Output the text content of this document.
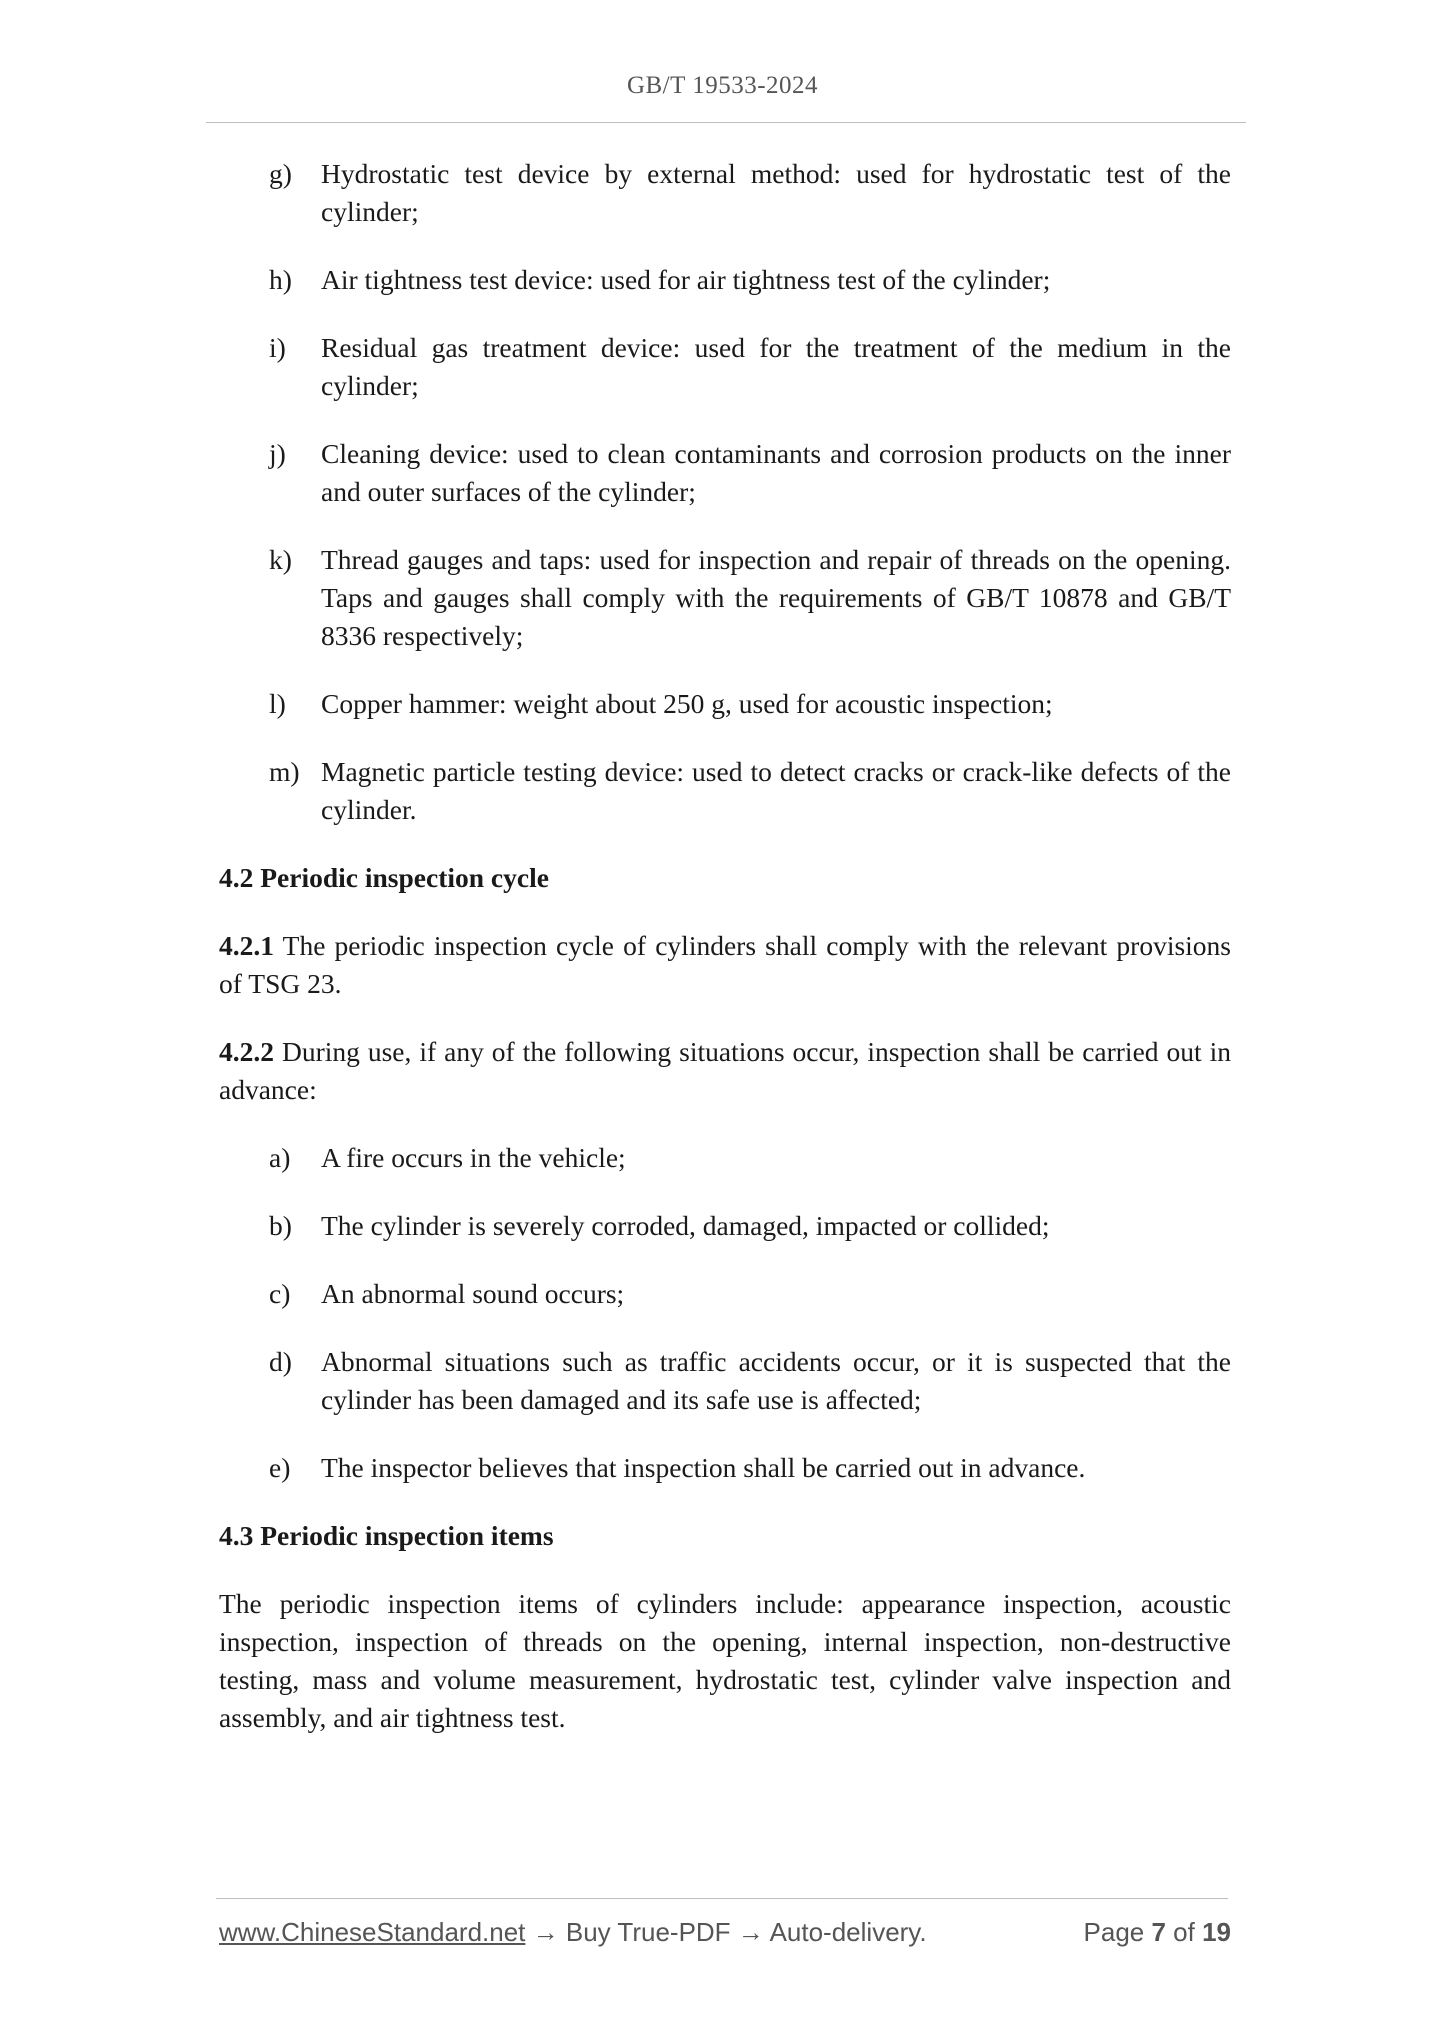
GB/T 19533-2024
g)	Hydrostatic test device by external method: used for hydrostatic test of the cylinder;
h)	Air tightness test device: used for air tightness test of the cylinder;
i)	Residual gas treatment device: used for the treatment of the medium in the cylinder;
j)	Cleaning device: used to clean contaminants and corrosion products on the inner and outer surfaces of the cylinder;
k)	Thread gauges and taps: used for inspection and repair of threads on the opening. Taps and gauges shall comply with the requirements of GB/T 10878 and GB/T 8336 respectively;
l)	Copper hammer: weight about 250 g, used for acoustic inspection;
m) Magnetic particle testing device: used to detect cracks or crack-like defects of the cylinder.
4.2 Periodic inspection cycle
4.2.1 The periodic inspection cycle of cylinders shall comply with the relevant provisions of TSG 23.
4.2.2 During use, if any of the following situations occur, inspection shall be carried out in advance:
a)	A fire occurs in the vehicle;
b)	The cylinder is severely corroded, damaged, impacted or collided;
c)	An abnormal sound occurs;
d)	Abnormal situations such as traffic accidents occur, or it is suspected that the cylinder has been damaged and its safe use is affected;
e)	The inspector believes that inspection shall be carried out in advance.
4.3 Periodic inspection items
The periodic inspection items of cylinders include: appearance inspection, acoustic inspection, inspection of threads on the opening, internal inspection, non-destructive testing, mass and volume measurement, hydrostatic test, cylinder valve inspection and assembly, and air tightness test.
www.ChineseStandard.net → Buy True-PDF → Auto-delivery.	Page 7 of 19
